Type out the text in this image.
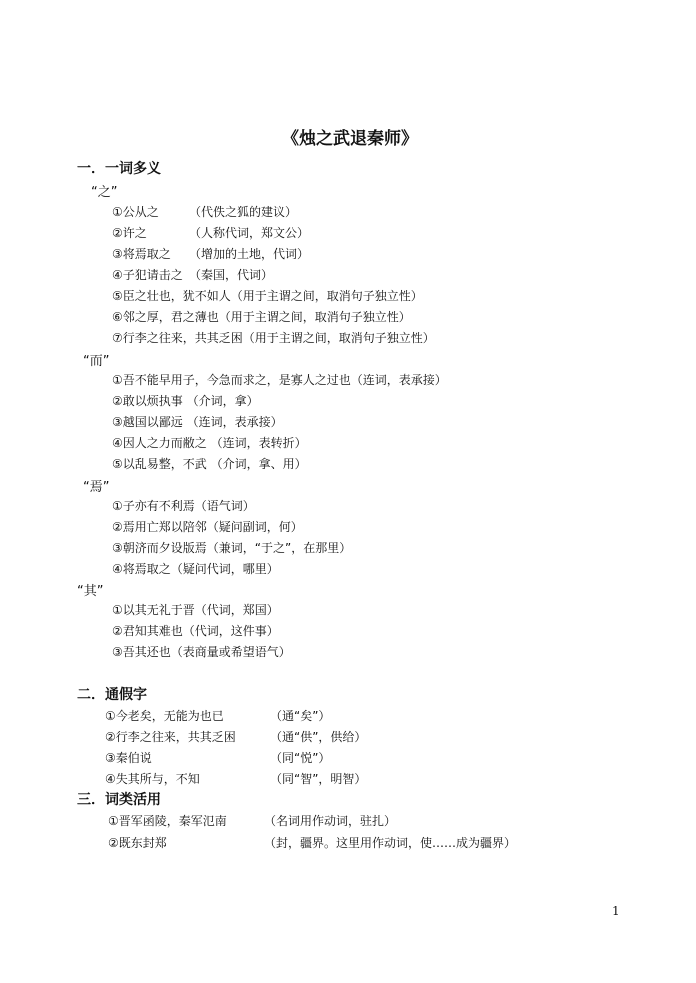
《烛之武退秦师》
一．一词多义
“之”
①公从之	（代佚之狐的建议）
②许之	（人称代词，郑文公）
③将焉取之 （增加的土地，代词）
④子犯请击之 （秦国，代词）
⑤臣之壮也，犹不如人（用于主谓之间，取消句子独立性）
⑥邻之厚，君之薄也（用于主谓之间，取消句子独立性）
⑦行李之往来，共其乏困（用于主谓之间，取消句子独立性）
“而”
①吾不能早用子，今急而求之，是寡人之过也（连词，表承接）
②敢以烦执事 （介词，拿）
③越国以鄙远 （连词，表承接）
④因人之力而敝之 （连词，表转折）
⑤以乱易整，不武 （介词，拿、用）
“焉”
①子亦有不利焉（语气词）
②焉用亡郑以陪邻（疑问副词，何）
③朝济而夕设版焉（兼词，“于之”，在那里）
④将焉取之（疑问代词，哪里）
“其”
①以其无礼于晋（代词，郑国）
②君知其难也（代词，这件事）
③吾其还也（表商量或希望语气）
二．通假字
①今老矣，无能为也已	（通“矣”）
②行李之往来，共其乏困	（通“供”，供给）
③秦伯说	（同“悦”）
④失其所与，不知	（同“智”，明智）
三．词类活用
①晋军函陵，秦军氾南	（名词用作动词，驻扎）
②既东封郑	（封，疆界。这里用作动词，使……成为疆界）
1
